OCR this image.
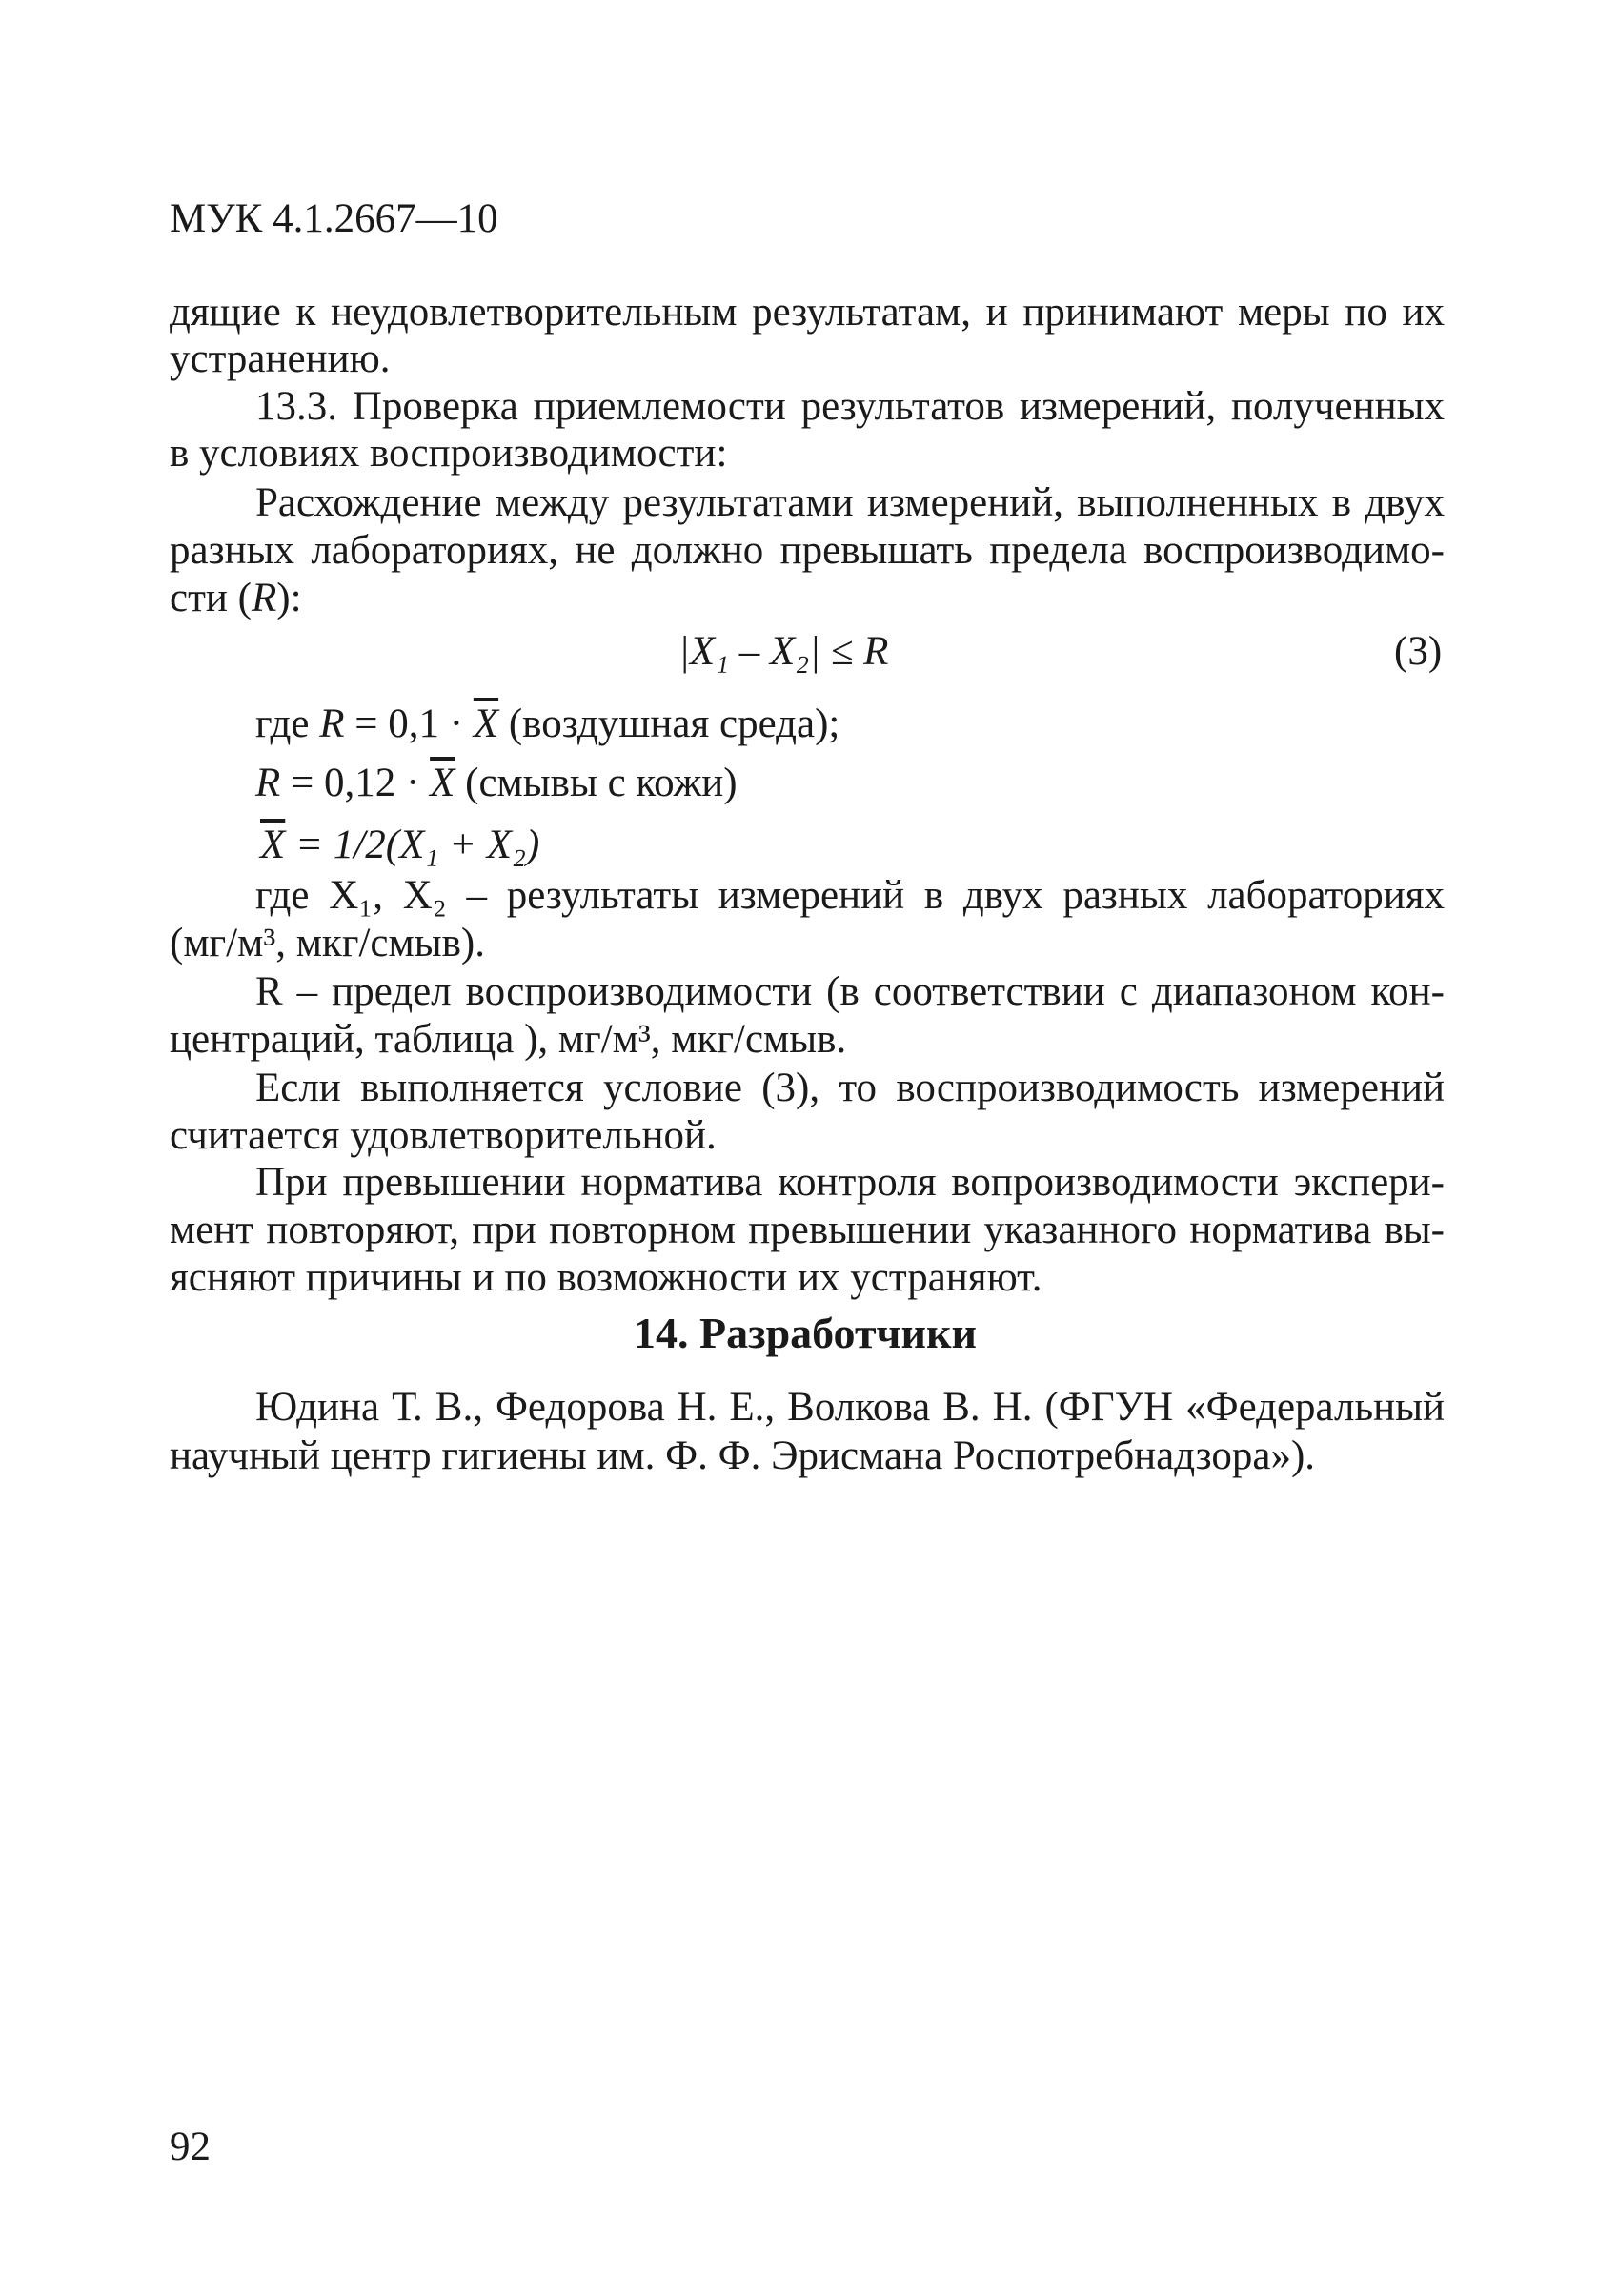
МУК 4.1.2667—10
дящие к неудовлетворительным результатам, и принимают меры по их
устранению.
13.3. Проверка приемлемости результатов измерений, полученных
в условиях воспроизводимости:
Расхождение между результатами измерений, выполненных в двух
разных лабораториях, не должно превышать предела воспроизводимо-
сти (R):
|X₁ – X₂| ≤ R	(3)
где $R = 0,1 \cdot \overline{X}$ (воздушная среда);
$R = 0,12 \cdot \overline{X}$ (смывы с кожи)
$\overline{X} = 1/2(X_1 + X_2)$
где X₁, X₂ – результаты измерений в двух разных лабораториях
(мг/м³, мкг/смыв).
R – предел воспроизводимости (в соответствии с диапазоном кон-
центраций, таблица ), мг/м³, мкг/смыв.
Если выполняется условие (3), то воспроизводимость измерений
считается удовлетворительной.
При превышении норматива контроля вопроизводимости экспери-
мент повторяют, при повторном превышении указанного норматива вы-
ясняют причины и по возможности их устраняют.
14. Разработчики
Юдина Т. В., Федорова Н. Е., Волкова В. Н. (ФГУН «Федеральный
научный центр гигиены им. Ф. Ф. Эрисмана Роспотребнадзора»).
92
